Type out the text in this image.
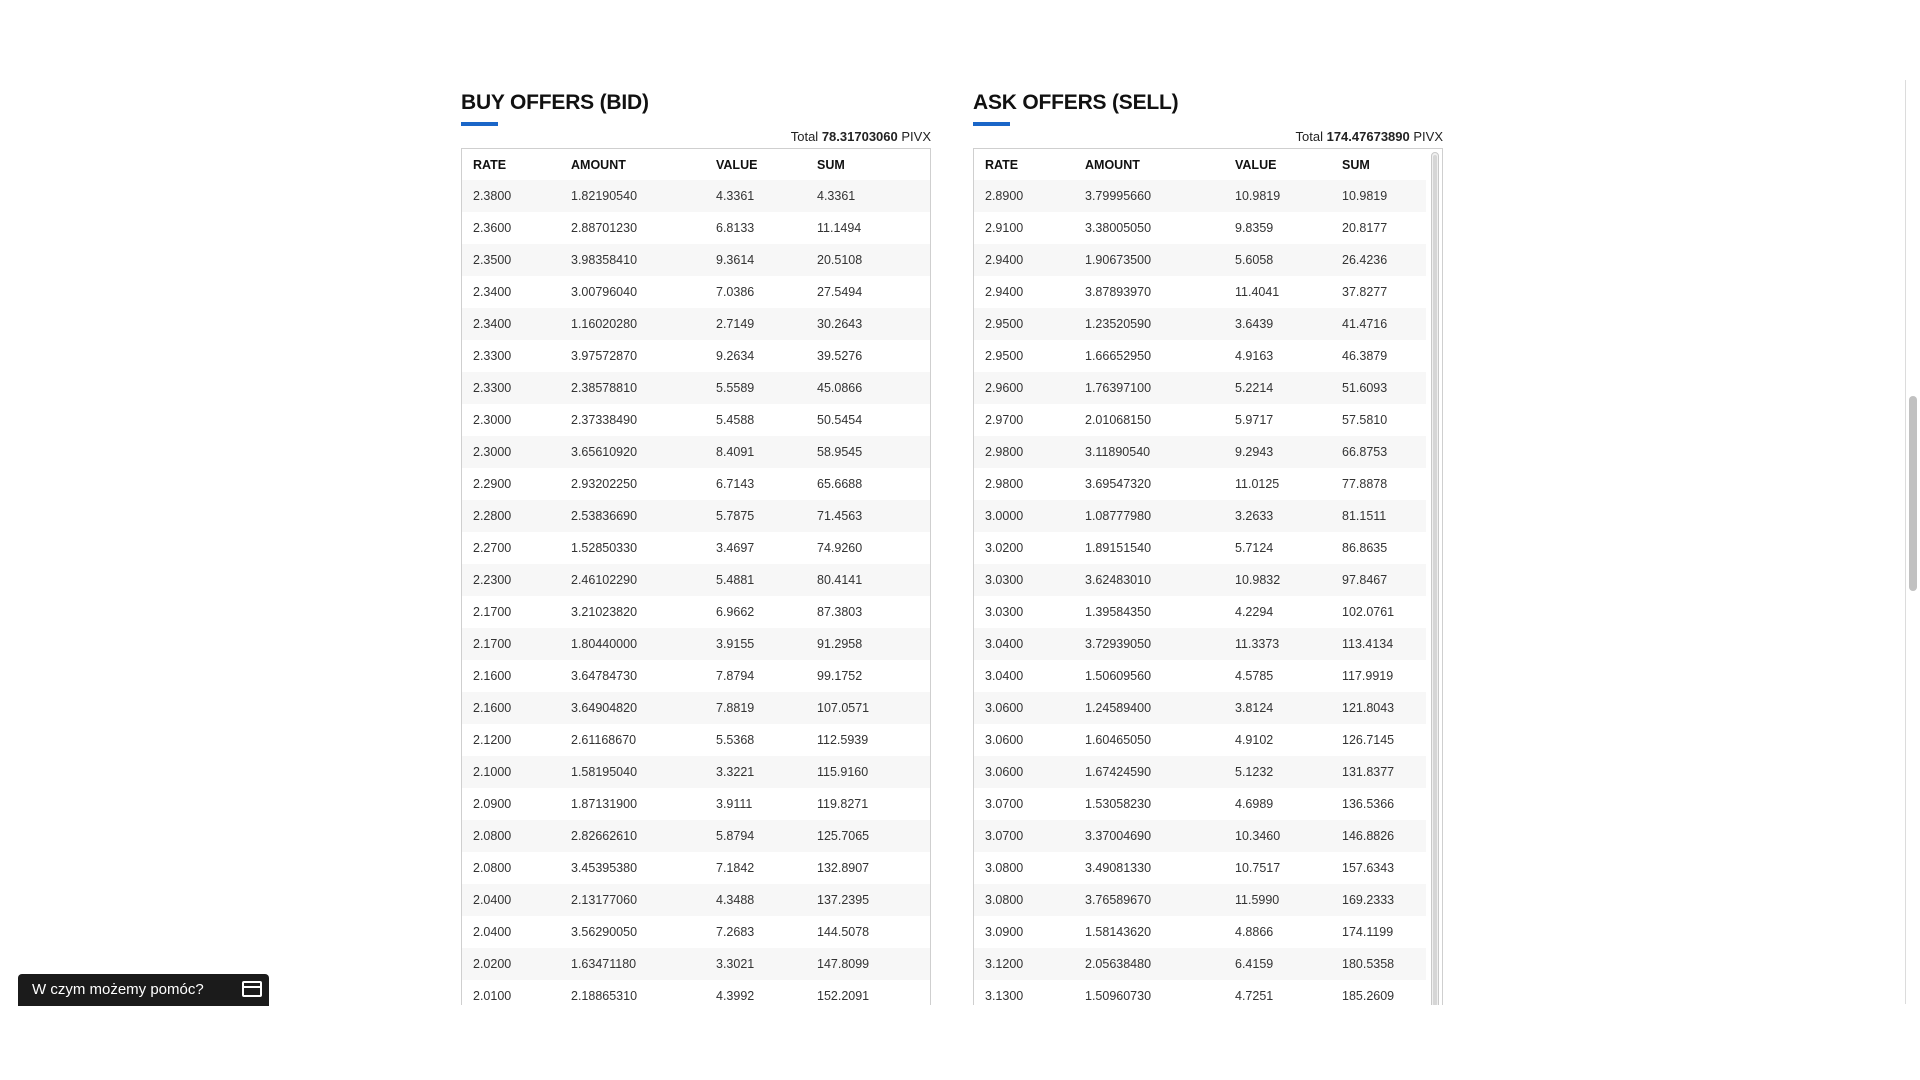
BUY OFFERS (BID)
Total 78.31703060 PIVX
RATE	AMOUNT	VALUE	SUM
2.3800	1.82190540	4.3361	4.3361
2.3600	2.88701230	6.8133	11.1494
2.3500	3.98358410	9.3614	20.5108
2.3400	3.00796040	7.0386	27.5494
2.3400	1.16020280	2.7149	30.2643
2.3300	3.97572870	9.2634	39.5276
2.3300	2.38578810	5.5589	45.0866
2.3000	2.37338490	5.4588	50.5454
2.3000	3.65610920	8.4091	58.9545
2.2900	2.93202250	6.7143	65.6688
2.2800	2.53836690	5.7875	71.4563
2.2700	1.52850330	3.4697	74.9260
2.2300	2.46102290	5.4881	80.4141
2.1700	3.21023820	6.9662	87.3803
2.1700	1.80440000	3.9155	91.2958
2.1600	3.64784730	7.8794	99.1752
2.1600	3.64904820	7.8819	107.0571
2.1200	2.61168670	5.5368	112.5939
2.1000	1.58195040	3.3221	115.9160
2.0900	1.87131900	3.9111	119.8271
2.0800	2.82662610	5.8794	125.7065
2.0800	3.45395380	7.1842	132.8907
2.0400	2.13177060	4.3488	137.2395
2.0400	3.56290050	7.2683	144.5078
2.0200	1.63471180	3.3021	147.8099
2.0100	2.18865310	4.3992	152.2091
ASK OFFERS (SELL)
Total 174.47673890 PIVX
RATE	AMOUNT	VALUE	SUM
2.8900	3.79995660	10.9819	10.9819
2.9100	3.38005050	9.8359	20.8177
2.9400	1.90673500	5.6058	26.4236
2.9400	3.87893970	11.4041	37.8277
2.9500	1.23520590	3.6439	41.4716
2.9500	1.66652950	4.9163	46.3879
2.9600	1.76397100	5.2214	51.6093
2.9700	2.01068150	5.9717	57.5810
2.9800	3.11890540	9.2943	66.8753
2.9800	3.69547320	11.0125	77.8878
3.0000	1.08777980	3.2633	81.1511
3.0200	1.89151540	5.7124	86.8635
3.0300	3.62483010	10.9832	97.8467
3.0300	1.39584350	4.2294	102.0761
3.0400	3.72939050	11.3373	113.4134
3.0400	1.50609560	4.5785	117.9919
3.0600	1.24589400	3.8124	121.8043
3.0600	1.60465050	4.9102	126.7145
3.0600	1.67424590	5.1232	131.8377
3.0700	1.53058230	4.6989	136.5366
3.0700	3.37004690	10.3460	146.8826
3.0800	3.49081330	10.7517	157.6343
3.0800	3.76589670	11.5990	169.2333
3.0900	1.58143620	4.8866	174.1199
3.1200	2.05638480	6.4159	180.5358
3.1300	1.50960730	4.7251	185.2609
W czym możemy pomóc?
